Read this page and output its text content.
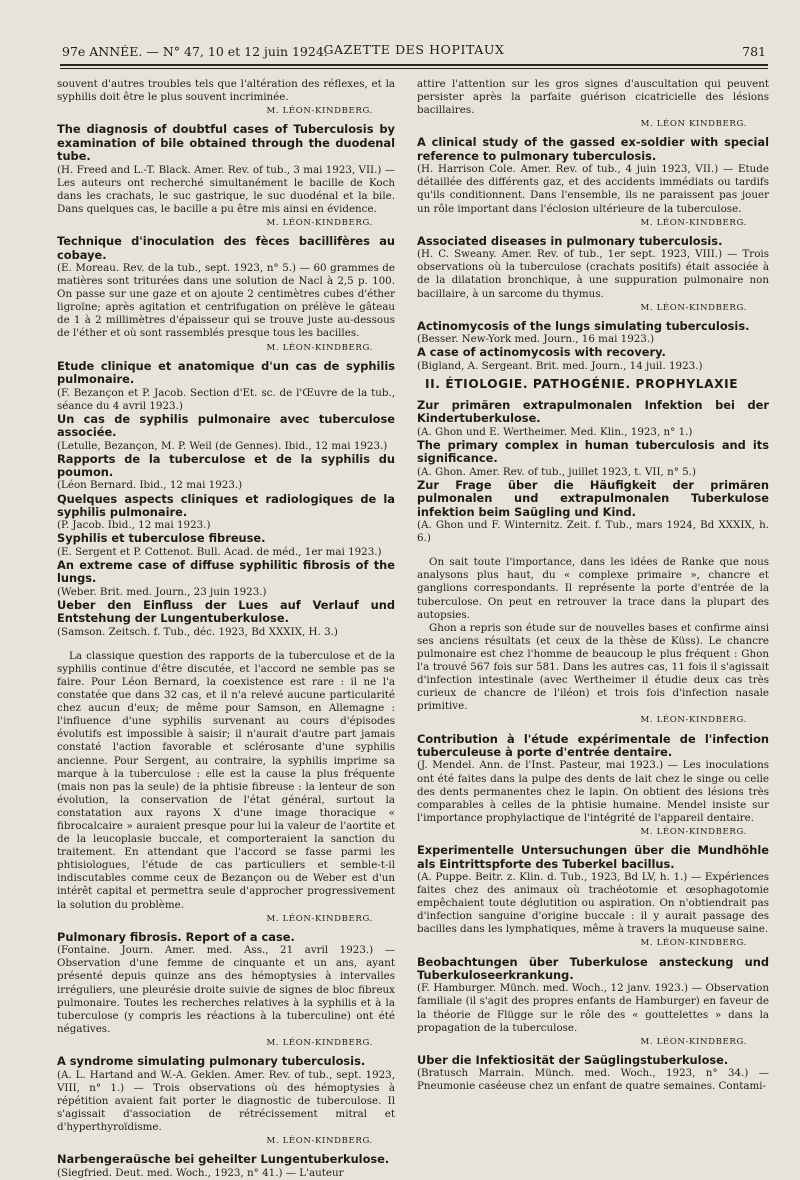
97e ANNÉE. — N° 47, 10 et 12 juin 1924.
GAZETTE DES HOPITAUX	781

souvent d'autres troubles tels que l'altération des réflexes, et la syphilis doit être le plus souvent incriminée.

M. LÉON-KINDBERG.

The diagnosis of doubtful cases of Tuberculosis by examination of bile obtained through the duodenal tube.

(H. Freed and L.-T. Black. Amer. Rev. of tub., 3 mai 1923, VII.) — Les auteurs ont recherché simultanément le bacille de Koch dans les crachats, le suc gastrique, le suc duodénal et la bile. Dans quelques cas, le bacille a pu être mis ainsi en évidence.

M. LÉON-KINDBERG.

Technique d'inoculation des fèces bacillifères au cobaye.

(E. Moreau. Rev. de la tub., sept. 1923, n° 5.) — 60 grammes de matières sont triturées dans une solution de Nacl à 2,5 p. 100. On passe sur une gaze et on ajoute 2 centimètres cubes d'éther ligroïne; après agitation et centrifugation on prélève le gâteau de 1 à 2 millimètres d'épaisseur qui se trouve juste au-dessous de l'éther et où sont rassemblés presque tous les bacilles.

M. LÉON-KINDBERG.

Etude clinique et anatomique d'un cas de syphilis pulmonaire.

(F. Bezançon et P. Jacob. Section d'Et. sc. de l'Œuvre de la tub., séance du 4 avril 1923.)

Un cas de syphilis pulmonaire avec tuberculose associée.

(Letulle, Bezançon, M. P. Weil (de Gennes). Ibid., 12 mai 1923.)

Rapports de la tuberculose et de la syphilis du poumon.

(Léon Bernard. Ibid., 12 mai 1923.)

Quelques aspects cliniques et radiologiques de la syphilis pulmonaire.

(P. Jacob. Ibid., 12 mai 1923.)

Syphilis et tuberculose fibreuse.

(E. Sergent et P. Cottenot. Bull. Acad. de méd., 1er mai 1923.)

An extreme case of diffuse syphilitic fibrosis of the lungs.

(Weber. Brit. med. Journ., 23 juin 1923.)

Ueber den Einfluss der Lues auf Verlauf und Entstehung der Lungentuberkulose.

(Samson. Zeitsch. f. Tub., déc. 1923, Bd XXXIX, H. 3.)

La classique question des rapports de la tuberculose et de la syphilis continue d'être discutée, et l'accord ne semble pas se faire. Pour Léon Bernard, la coexistence est rare : il ne l'a constatée que dans 32 cas, et il n'a relevé aucune particularité chez aucun d'eux; de même pour Samson, en Allemagne : l'influence d'une syphilis survenant au cours d'épisodes évolutifs est impossible à saisir; il n'aurait d'autre part jamais constaté l'action favorable et sclérosante d'une syphilis ancienne. Pour Sergent, au contraire, la syphilis imprime sa marque à la tuberculose : elle est la cause la plus fréquente (mais non pas la seule) de la phtisie fibreuse : la lenteur de son évolution, la conservation de l'état général, surtout la constatation aux rayons X d'une image thoracique « fibrocalcaire » auraient presque pour lui la valeur de l'aortite et de la leucoplasie buccale, et comporteraient la sanction du traitement. En attendant que l'accord se fasse parmi les phtisiologues, l'étude de cas particuliers et semble-t-il indiscutables comme ceux de Bezançon ou de Weber est d'un intérêt capital et permettra seule d'approcher progressivement la solution du problème.

M. LÉON-KINDBERG.

Pulmonary fibrosis. Report of a case.

(Fontaine. Journ. Amer. med. Ass., 21 avril 1923.) — Observation d'une femme de cinquante et un ans, ayant présenté depuis quinze ans des hémoptysies à intervalles irréguliers, une pleurésie droite suivie de signes de bloc fibreux pulmonaire. Toutes les recherches relatives à la syphilis et à la tuberculose (y compris les réactions à la tuberculine) ont été négatives.

M. LÉON-KINDBERG.

A syndrome simulating pulmonary tuberculosis.

(A. L. Hartand and W.-A. Geklen. Amer. Rev. of tub., sept. 1923, VIII, n° 1.) — Trois observations où des hémoptysies à répétition avaient fait porter le diagnostic de tuberculose. Il s'agissait d'association de rétrécissement mitral et d'hyperthyroïdisme.

M. LÉON-KINDBERG.

Narbengeraüsche bei geheilter Lungentuberkulose.

(Siegfried. Deut. med. Woch., 1923, n° 41.) — L'auteur

attire l'attention sur les gros signes d'auscultation qui peuvent persister après la parfaite guérison cicatricielle des lésions bacillaires.

M. LÉON KINDBERG.

A clinical study of the gassed ex-soldier with special reference to pulmonary tuberculosis.

(H. Harrison Cole. Amer. Rev. of tub., 4 juin 1923, VII.) — Etude détaillée des différents gaz, et des accidents immédiats ou tardifs qu'ils conditionnent. Dans l'ensemble, ils ne paraissent pas jouer un rôle important dans l'éclosion ultérieure de la tuberculose.

M. LÉON-KINDBERG.

Associated diseases in pulmonary tuberculosis.

(H. C. Sweany. Amer. Rev. of tub., 1er sept. 1923, VIII.) — Trois observations où la tuberculose (crachats positifs) était associée à de la dilatation bronchique, à une suppuration pulmonaire non bacillaire, à un sarcome du thymus.

M. LÉON-KINDBERG.

Actinomycosis of the lungs simulating tuberculosis.

(Besser. New-York med. Journ., 16 mai 1923.)

A case of actinomycosis with recovery.

(Bigland, A. Sergeant. Brit. med. Journ., 14 juil. 1923.)

II. ÉTIOLOGIE. PATHOGÉNIE. PROPHYLAXIE

Zur primären extrapulmonalen Infektion bei der Kindertuberkulose.

(A. Ghon und E. Wertheimer. Med. Klin., 1923, n° 1.)

The primary complex in human tuberculosis and its significance.

(A. Ghon. Amer. Rev. of tub., juillet 1923, t. VII, n° 5.)

Zur Frage über die Häufigkeit der primären pulmonalen und extrapulmonalen Tuberkulose infektion beim Saügling und Kind.

(A. Ghon und F. Winternitz. Zeit. f. Tub., mars 1924, Bd XXXIX, h. 6.)

On sait toute l'importance, dans les idées de Ranke que nous analysons plus haut, du « complexe primaire », chancre et ganglions correspondants. Il représente la porte d'entrée de la tuberculose. On peut en retrouver la trace dans la plupart des autopsies.

Ghon a repris son étude sur de nouvelles bases et confirme ainsi ses anciens résultats (et ceux de la thèse de Küss). Le chancre pulmonaire est chez l'homme de beaucoup le plus fréquent : Ghon l'a trouvé 567 fois sur 581. Dans les autres cas, 11 fois il s'agissait d'infection intestinale (avec Wertheimer il étudie deux cas très curieux de chancre de l'iléon) et trois fois d'infection nasale primitive.

M. LÉON-KINDBERG.

Contribution à l'étude expérimentale de l'infection tuberculeuse à porte d'entrée dentaire.

(J. Mendel. Ann. de l'Inst. Pasteur, mai 1923.) — Les inoculations ont été faites dans la pulpe des dents de lait chez le singe ou celle des dents permanentes chez le lapin. On obtient des lésions très comparables à celles de la phtisie humaine. Mendel insiste sur l'importance prophylactique de l'intégrité de l'appareil dentaire.

M. LÉON-KINDBERG.

Experimentelle Untersuchungen über die Mundhöhle als Eintrittspforte des Tuberkel bacillus.

(A. Puppe. Beitr. z. Klin. d. Tub., 1923, Bd LV, h. 1.) — Expériences faites chez des animaux où trachéotomie et œsophagotomie empêchaient toute déglutition ou aspiration. On n'obtiendrait pas d'infection sanguine d'origine buccale : il y aurait passage des bacilles dans les lymphatiques, même à travers la muqueuse saine.

M. LÉON-KINDBERG.

Beobachtungen über Tuberkulose ansteckung und Tuberkuloseerkrankung.

(F. Hamburger. Münch. med. Woch., 12 janv. 1923.) — Observation familiale (il s'agit des propres enfants de Hamburger) en faveur de la théorie de Flügge sur le rôle des « gouttelettes » dans la propagation de la tuberculose.

M. LÉON-KINDBERG.

Uber die Infektiosität der Saüglingstuberkulose.

(Bratusch Marrain. Münch. med. Woch., 1923, n° 34.) — Pneumonie caséeuse chez un enfant de quatre semaines. Contami-
